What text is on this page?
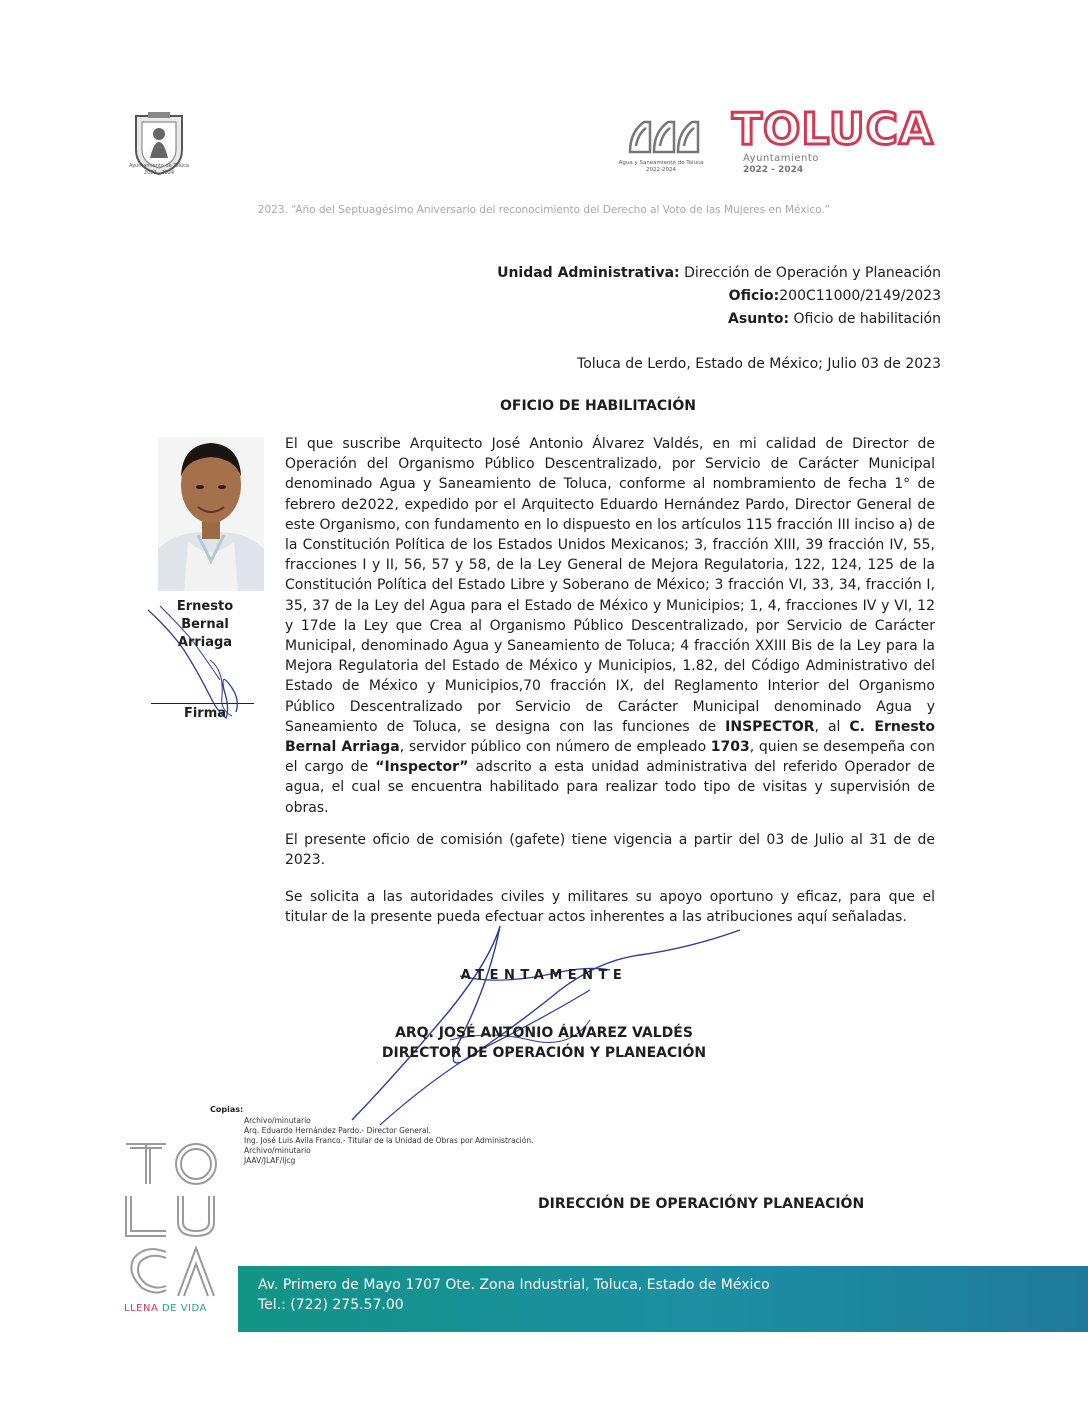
Ayuntamiento de Toluca
2022 · 2024
Agua y Saneamiento de Toluca
2022-2024
TOLUCA
Ayuntamiento
2022 - 2024
2023. “Año del Septuagésimo Aniversario del reconocimiento del Derecho al Voto de las Mujeres en México.”
Unidad Administrativa: Dirección de Operación y Planeación
Oficio:200C11000/2149/2023
Asunto: Oficio de habilitación
Toluca de Lerdo, Estado de México; Julio 03 de 2023
OFICIO DE HABILITACIÓN
Ernesto
Bernal
Arriaga
Firma
El que suscribe Arquitecto José Antonio Álvarez Valdés, en mi calidad de Director de Operación del Organismo Público Descentralizado, por Servicio de Carácter Municipal denominado Agua y Saneamiento de Toluca, conforme al nombramiento de fecha 1° de febrero de2022, expedido por el Arquitecto Eduardo Hernández Pardo, Director General de este Organismo, con fundamento en lo dispuesto en los artículos 115 fracción III inciso a) de la Constitución Política de los Estados Unidos Mexicanos; 3, fracción XIII, 39 fracción IV, 55, fracciones I y II, 56, 57 y 58, de la Ley General de Mejora Regulatoria, 122, 124, 125 de la Constitución Política del Estado Libre y Soberano de México; 3 fracción VI, 33, 34, fracción I, 35, 37 de la Ley del Agua para el Estado de México y Municipios; 1, 4, fracciones IV y VI, 12 y 17de la Ley que Crea al Organismo Público Descentralizado, por Servicio de Carácter Municipal, denominado Agua y Saneamiento de Toluca; 4 fracción XXIII Bis de la Ley para la Mejora Regulatoria del Estado de México y Municipios, 1.82, del Código Administrativo del Estado de México y Municipios,70 fracción IX, del Reglamento Interior del Organismo Público Descentralizado por Servicio de Carácter Municipal denominado Agua y Saneamiento de Toluca, se designa con las funciones de INSPECTOR, al C. Ernesto Bernal Arriaga, servidor público con número de empleado 1703, quien se desempeña con el cargo de “Inspector” adscrito a esta unidad administrativa del referido Operador de agua, el cual se encuentra habilitado para realizar todo tipo de visitas y supervisión de obras.
El presente oficio de comisión (gafete) tiene vigencia a partir del 03 de Julio al 31 de de 2023.
Se solicita a las autoridades civiles y militares su apoyo oportuno y eficaz, para que el titular de la presente pueda efectuar actos inherentes a las atribuciones aquí señaladas.
ATENTAMENTE
ARQ. JOSÉ ANTONIO ÁLVAREZ VALDÉS
DIRECTOR DE OPERACIÓN Y PLANEACIÓN
Copias:
Archivo/minutario
Arq. Eduardo Hernández Pardo.- Director General.
Ing. José Luis Avila Franco.- Titular de la Unidad de Obras por Administración.
Archivo/minutario
JAAV/JLAF/ljcg
DIRECCIÓN DE OPERACIÓNY PLANEACIÓN
LLENA DE VIDA
Av. Primero de Mayo 1707 Ote. Zona Industrial, Toluca, Estado de México
Tel.: (722) 275.57.00
